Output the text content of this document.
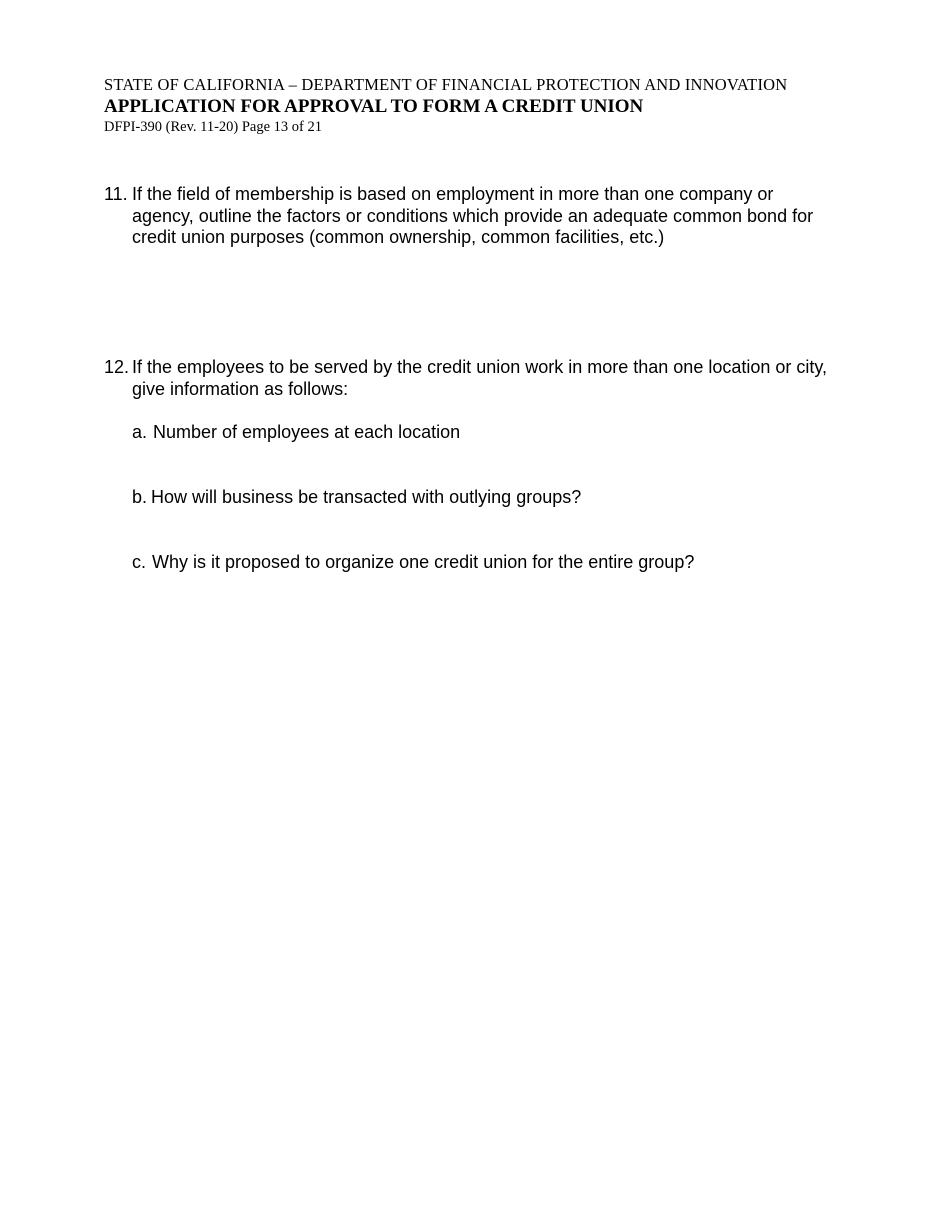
STATE OF CALIFORNIA – DEPARTMENT OF FINANCIAL PROTECTION AND INNOVATION
APPLICATION FOR APPROVAL TO FORM A CREDIT UNION
DFPI-390 (Rev. 11-20) Page 13 of 21
11. If the field of membership is based on employment in more than one company or agency, outline the factors or conditions which provide an adequate common bond for credit union purposes (common ownership, common facilities, etc.)
12. If the employees to be served by the credit union work in more than one location or city, give information as follows:
a. Number of employees at each location
b. How will business be transacted with outlying groups?
c. Why is it proposed to organize one credit union for the entire group?
